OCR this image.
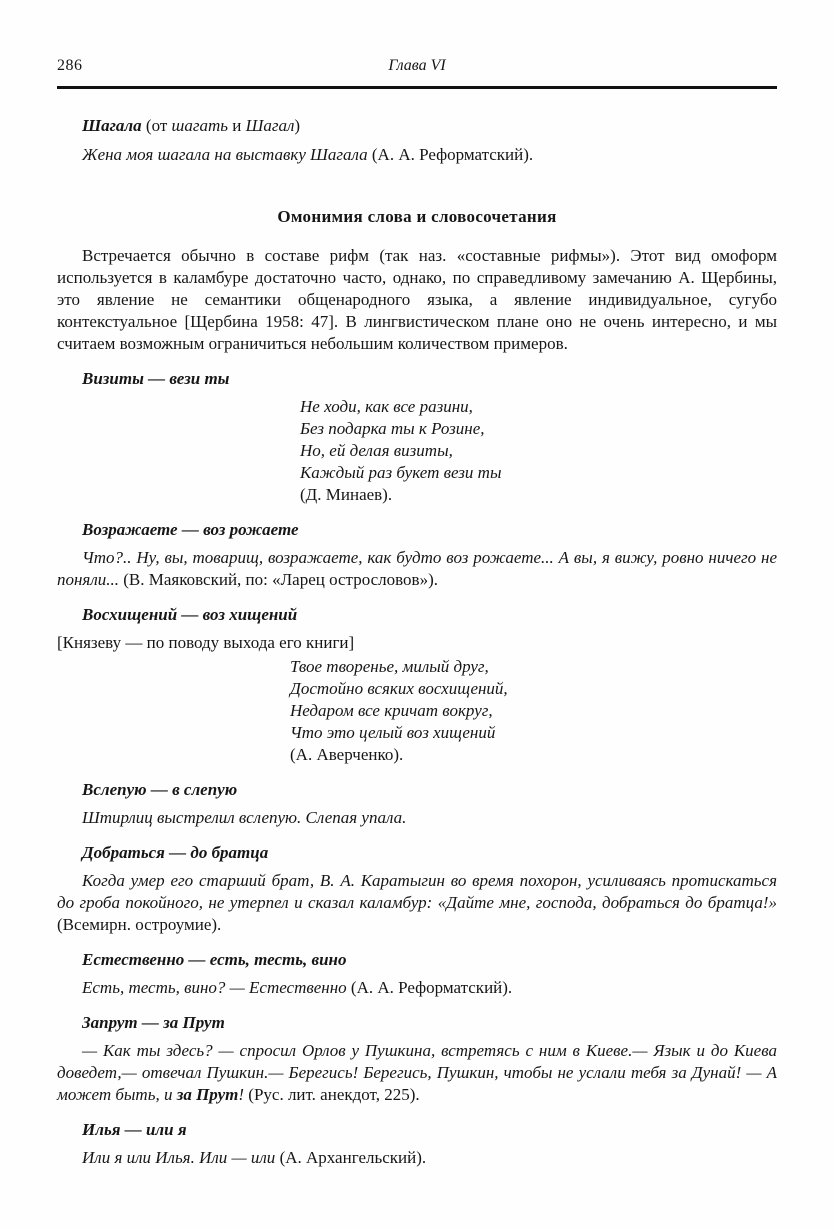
286	Глава VI

Шагала (от шагать и Шагал)

Жена моя шагала на выставку Шагала (А. А. Реформатский).

Омонимия слова и словосочетания

Встречается обычно в составе рифм (так наз. «составные рифмы»). Этот вид омоформ используется в каламбуре достаточно часто, однако, по справедливому замечанию А. Щербины, это явление не семантики общенародного языка, а явление индивидуальное, сугубо контекстуальное [Щербина 1958: 47]. В лингвистическом плане оно не очень интересно, и мы считаем возможным ограничиться небольшим количеством примеров.

Визиты — вези ты

Не ходи, как все разини,

Без подарка ты к Розине,

Но, ей делая визиты,

Каждый раз букет вези ты

(Д. Минаев).

Возражаете — воз рожаете

Что?.. Ну, вы, товарищ, возражаете, как будто воз рожаете... А вы, я вижу, ровно ничего не поняли... (В. Маяковский, по: «Ларец острословов»).

Восхищений — воз хищений

[Князеву — по поводу выхода его книги]

Твое творенье, милый друг,

Достойно всяких восхищений,

Недаром все кричат вокруг,

Что это целый воз хищений

(А. Аверченко).

Вслепую — в слепую

Штирлиц выстрелил вслепую. Слепая упала.

Добраться — до братца

Когда умер его старший брат, В. А. Каратыгин во время похорон, усиливаясь протискаться до гроба покойного, не утерпел и сказал каламбур: «Дайте мне, господа, добраться до братца!» (Всемирн. остроумие).

Естественно — есть, тесть, вино

Есть, тесть, вино? — Естественно (А. А. Реформатский).

Запрут — за Прут

— Как ты здесь? — спросил Орлов у Пушкина, встретясь с ним в Киеве.— Язык и до Киева доведет,— отвечал Пушкин.— Берегись! Берегись, Пушкин, чтобы не услали тебя за Дунай! — А может быть, и за Прут! (Рус. лит. анекдот, 225).

Илья — или я

Или я или Илья. Или — или (А. Архангельский).
